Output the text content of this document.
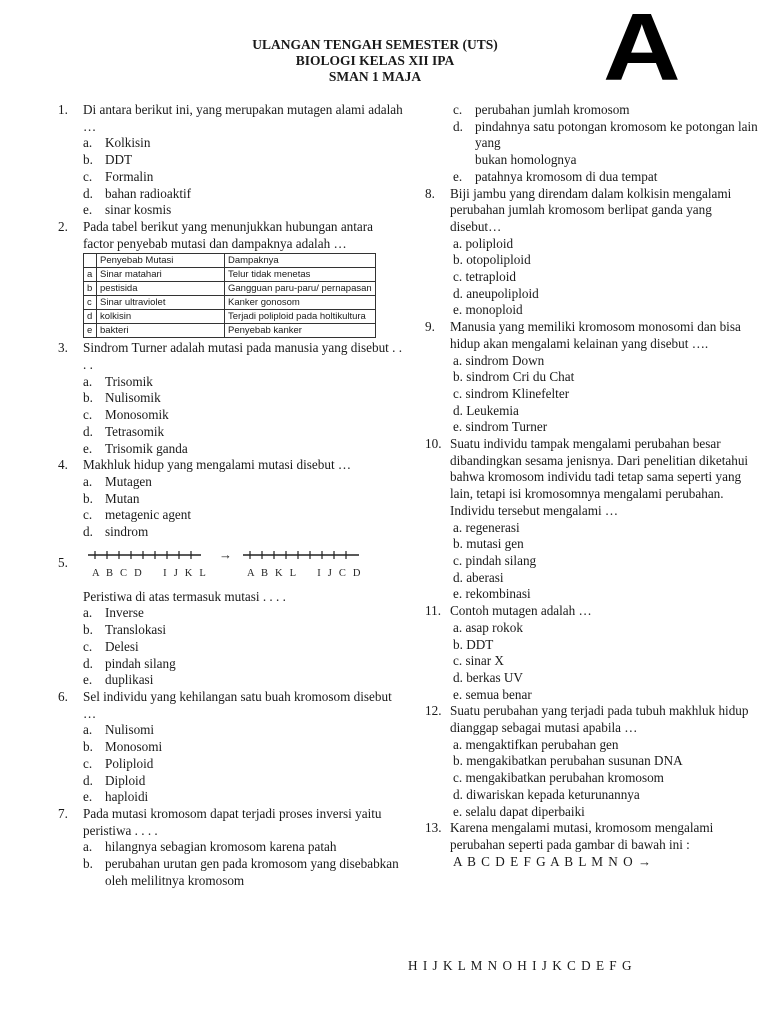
A
ULANGAN TENGAH SEMESTER (UTS)
BIOLOGI KELAS XII IPA
SMAN 1 MAJA
1.	Di antara berikut ini, yang merupakan mutagen alami adalah …
a. Kolkisin
b. DDT
c. Formalin
d. bahan radioaktif
e. sinar kosmis
2.	Pada tabel berikut yang menunjukkan hubungan antara factor penyebab mutasi dan dampaknya adalah …
	Penyebab Mutasi	Dampaknya
a	Sinar matahari	Telur tidak menetas
b	pestisida	Gangguan paru-paru/ pernapasan
c	Sinar ultraviolet	Kanker gonosom
d	kolkisin	Terjadi poliploid pada holtikultura
e	bakteri	Penyebab kanker
3.	Sindrom Turner adalah mutasi pada manusia yang disebut . . . .
a. Trisomik
b. Nulisomik
c. Monosomik
d. Tetrasomik
e. Trisomik ganda
4.	Makhluk hidup yang mengalami mutasi disebut …
a. Mutagen
b. Mutan
c. metagenic agent
d. sindrom
5.
A B C D    I J K L
→
A B K L    I J C D
Peristiwa di atas termasuk mutasi . . . .
a. Inverse
b. Translokasi
c. Delesi
d. pindah silang
e. duplikasi
6.	Sel individu yang kehilangan satu buah kromosom disebut …
a. Nulisomi
b. Monosomi
c. Poliploid
d. Diploid
e. haploidi
7.	Pada mutasi kromosom dapat terjadi proses inversi yaitu peristiwa . . . .
a. hilangnya sebagian kromosom karena patah
b. perubahan urutan gen pada kromosom yang disebabkan oleh melilitnya kromosom
c. perubahan jumlah kromosom
d. pindahnya satu potongan kromosom ke potongan lain yang
bukan homolognya
e. patahnya kromosom di dua tempat
8.	Biji jambu yang direndam dalam kolkisin mengalami perubahan jumlah kromosom berlipat ganda yang disebut…
a. poliploid
b. otopoliploid
c. tetraploid
d. aneupoliploid
e. monoploid
9.	Manusia yang memiliki kromosom monosomi dan bisa hidup akan mengalami kelainan yang disebut ….
a. sindrom Down
b. sindrom Cri du Chat
c. sindrom Klinefelter
d. Leukemia
e. sindrom Turner
10. Suatu individu tampak mengalami perubahan besar dibandingkan sesama jenisnya. Dari penelitian diketahui bahwa kromosom individu tadi tetap sama seperti yang lain, tetapi isi kromosomnya mengalami perubahan. Individu tersebut mengalami …
a. regenerasi
b. mutasi gen
c. pindah silang
d. aberasi
e. rekombinasi
11. Contoh mutagen adalah …
a. asap rokok
b. DDT
c. sinar X
d. berkas UV
e. semua benar
12. Suatu perubahan yang terjadi pada tubuh makhluk hidup dianggap sebagai mutasi apabila …
a. mengaktifkan perubahan gen
b. mengakibatkan perubahan susunan DNA
c. mengakibatkan perubahan kromosom
d. diwariskan kepada keturunannya
e. selalu dapat diperbaiki
13. Karena mengalami mutasi, kromosom mengalami perubahan seperti pada gambar di bawah ini :
A B C D E F G A B L M N O →
H I J K L M N O H I J K C D E F G
